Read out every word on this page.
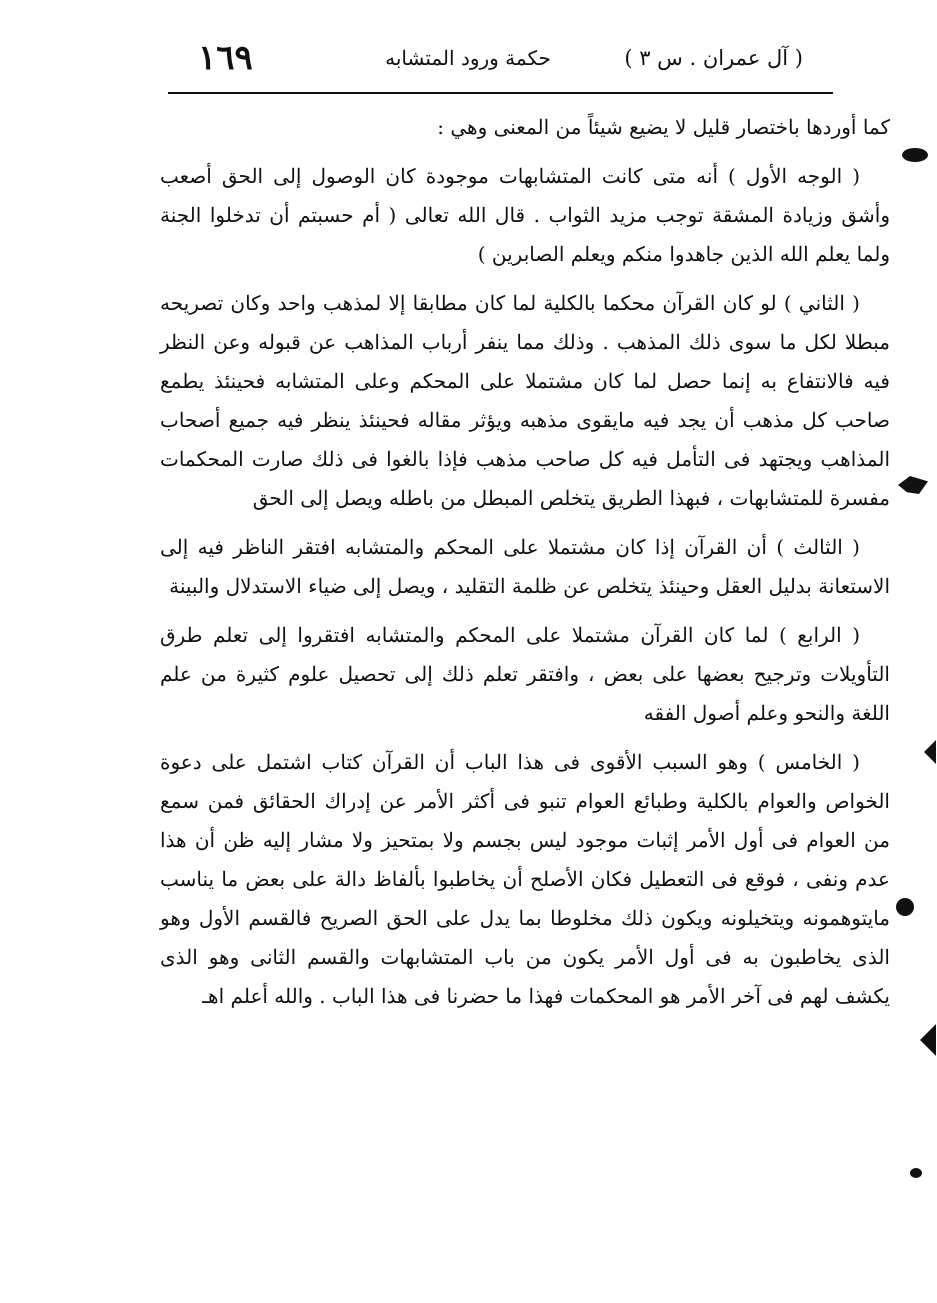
١٦٩	حكمة ورود المتشابه	( آل عمران . س ٣ )

كما أوردها باختصار قليل لا يضيع شيئاً من المعنى وهي :

( الوجه الأول ) أنه متى كانت المتشابهات موجودة كان الوصول إلى الحق أصعب وأشق وزيادة المشقة توجب مزيد الثواب . قال الله تعالى ( أم حسبتم أن تدخلوا الجنة ولما يعلم الله الذين جاهدوا منكم ويعلم الصابرين )

( الثاني ) لو كان القرآن محكما بالكلية لما كان مطابقا إلا لمذهب واحد وكان تصريحه مبطلا لكل ما سوى ذلك المذهب . وذلك مما ينفر أرباب المذاهب عن قبوله وعن النظر فيه فالانتفاع به إنما حصل لما كان مشتملا على المحكم وعلى المتشابه فحينئذ يطمع صاحب كل مذهب أن يجد فيه مايقوى مذهبه ويؤثر مقاله فحينئذ ينظر فيه جميع أصحاب المذاهب ويجتهد فى التأمل فيه كل صاحب مذهب فإذا بالغوا فى ذلك صارت المحكمات مفسرة للمتشابهات ، فبهذا الطريق يتخلص المبطل من باطله ويصل إلى الحق

( الثالث ) أن القرآن إذا كان مشتملا على المحكم والمتشابه افتقر الناظر فيه إلى الاستعانة بدليل العقل وحينئذ يتخلص عن ظلمة التقليد ، ويصل إلى ضياء الاستدلال والبينة

( الرابع ) لما كان القرآن مشتملا على المحكم والمتشابه افتقروا إلى تعلم طرق التأويلات وترجيح بعضها على بعض ، وافتقر تعلم ذلك إلى تحصيل علوم كثيرة من علم اللغة والنحو وعلم أصول الفقه

( الخامس ) وهو السبب الأقوى فى هذا الباب أن القرآن كتاب اشتمل على دعوة الخواص والعوام بالكلية وطبائع العوام تنبو فى أكثر الأمر عن إدراك الحقائق فمن سمع من العوام فى أول الأمر إثبات موجود ليس بجسم ولا بمتحيز ولا مشار إليه ظن أن هذا عدم ونفى ، فوقع فى التعطيل فكان الأصلح أن يخاطبوا بألفاظ دالة على بعض ما يناسب مايتوهمونه ويتخيلونه ويكون ذلك مخلوطا بما يدل على الحق الصريح فالقسم الأول وهو الذى يخاطبون به فى أول الأمر يكون من باب المتشابهات والقسم الثانى وهو الذى يكشف لهم فى آخر الأمر هو المحكمات فهذا ما حضرنا فى هذا الباب . والله أعلم اهـ
